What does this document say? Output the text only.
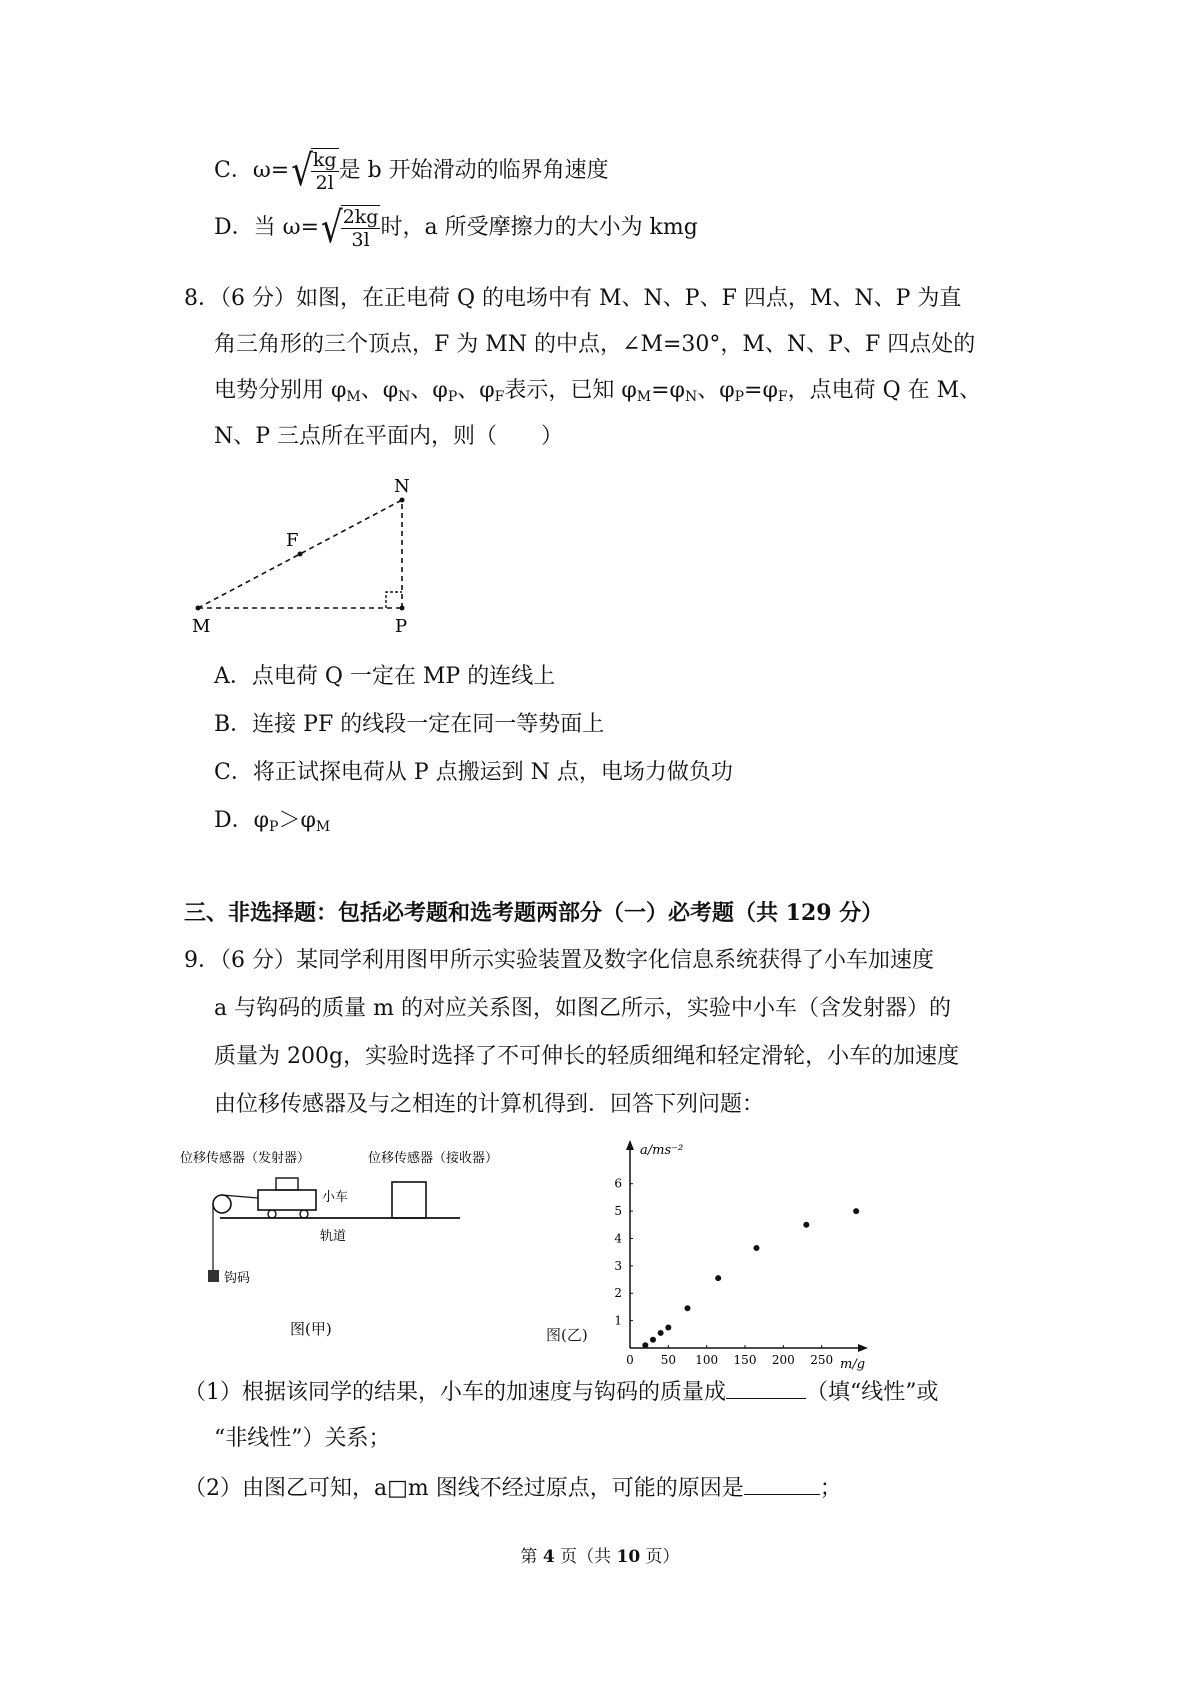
C．ω=√
$\frac{kg}{2l}$ 是 b 开始滑动的临界角速度
D．当 ω=√
$\frac{2kg}{3l}$ 时，a 所受摩擦力的大小为 kmg
8．（6 分）如图，在正电荷 Q 的电场中有 M、N、P、F 四点，M、N、P 为直
角三角形的三个顶点，F 为 MN 的中点，∠M=30°，M、N、P、F 四点处的
电势分别用 $\varphi_M$、$\varphi_N$、$\varphi_P$、$\varphi_F$表示，已知 $\varphi_M=\varphi_N$、$\varphi_P=\varphi_F$，点电荷 Q 在 M、
N、P 三点所在平面内，则（　　）
M	P
N
F
A．点电荷 Q 一定在 MP 的连线上
B．连接 PF 的线段一定在同一等势面上
C．将正试探电荷从 P 点搬运到 N 点，电场力做负功
D．$\varphi_P>\varphi_M$
三、非选择题：包括必考题和选考题两部分（一）必考题（共 129 分）
9．（6 分）某同学利用图甲所示实验装置及数字化信息系统获得了小车加速度
a 与钩码的质量 m 的对应关系图，如图乙所示，实验中小车（含发射器）的
质量为 200g，实验时选择了不可伸长的轻质细绳和轻定滑轮，小车的加速度
由位移传感器及与之相连的计算机得到．回答下列问题：
位移传感器（发射器）	位移传感器（接收器）
小车
轨道
钩码
图(甲)	图(乙)
a/ms⁻²
m/g
0 50 100 150 200 250
1
2
3
4
5
6
（1）根据该同学的结果，小车的加速度与钩码的质量成	（填“线性”或
“非线性”）关系；
（2）由图乙可知，a□m 图线不经过原点，可能的原因是	；
第 4 页（共 10 页）
